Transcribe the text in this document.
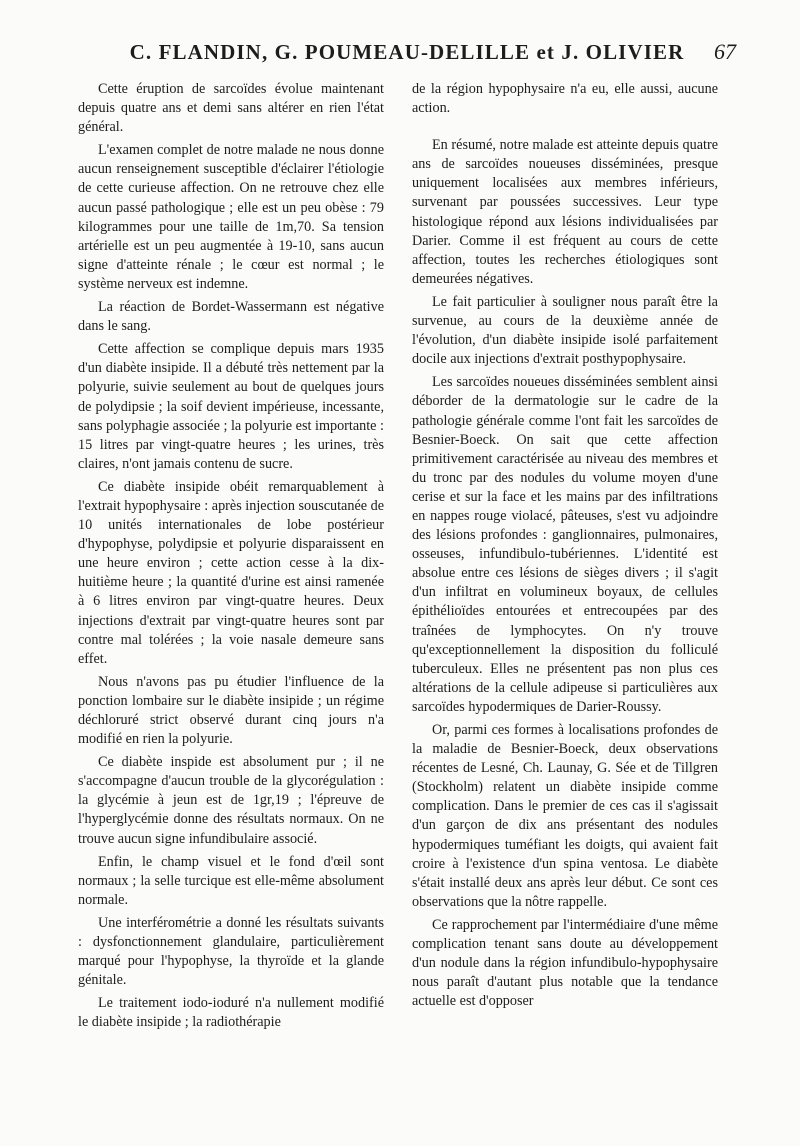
C. FLANDIN, G. POUMEAU-DELILLE et J. OLIVIER	67

Cette éruption de sarcoïdes évolue maintenant depuis quatre ans et demi sans altérer en rien l'état général.

L'examen complet de notre malade ne nous donne aucun renseignement susceptible d'éclairer l'étiologie de cette curieuse affection. On ne retrouve chez elle aucun passé pathologique ; elle est un peu obèse : 79 kilogrammes pour une taille de 1m,70. Sa tension artérielle est un peu augmentée à 19-10, sans aucun signe d'atteinte rénale ; le cœur est normal ; le système nerveux est indemne.

La réaction de Bordet-Wassermann est négative dans le sang.

Cette affection se complique depuis mars 1935 d'un diabète insipide. Il a débuté très nettement par la polyurie, suivie seulement au bout de quelques jours de polydipsie ; la soif devient impérieuse, incessante, sans polyphagie associée ; la polyurie est importante : 15 litres par vingt-quatre heures ; les urines, très claires, n'ont jamais contenu de sucre.

Ce diabète insipide obéit remarquablement à l'extrait hypophysaire : après injection souscutanée de 10 unités internationales de lobe postérieur d'hypophyse, polydipsie et polyurie disparaissent en une heure environ ; cette action cesse à la dix-huitième heure ; la quantité d'urine est ainsi ramenée à 6 litres environ par vingt-quatre heures. Deux injections d'extrait par vingt-quatre heures sont par contre mal tolérées ; la voie nasale demeure sans effet.

Nous n'avons pas pu étudier l'influence de la ponction lombaire sur le diabète insipide ; un régime déchloruré strict observé durant cinq jours n'a modifié en rien la polyurie.

Ce diabète inspide est absolument pur ; il ne s'accompagne d'aucun trouble de la glycorégulation : la glycémie à jeun est de 1gr,19 ; l'épreuve de l'hyperglycémie donne des résultats normaux. On ne trouve aucun signe infundibulaire associé.

Enfin, le champ visuel et le fond d'œil sont normaux ; la selle turcique est elle-même absolument normale.

Une interférométrie a donné les résultats suivants : dysfonctionnement glandulaire, particulièrement marqué pour l'hypophyse, la thyroïde et la glande génitale.

Le traitement iodo-ioduré n'a nullement modifié le diabète insipide ; la radiothérapie

de la région hypophysaire n'a eu, elle aussi, aucune action.

En résumé, notre malade est atteinte depuis quatre ans de sarcoïdes noueuses disséminées, presque uniquement localisées aux membres inférieurs, survenant par poussées successives. Leur type histologique répond aux lésions individualisées par Darier. Comme il est fréquent au cours de cette affection, toutes les recherches étiologiques sont demeurées négatives.

Le fait particulier à souligner nous paraît être la survenue, au cours de la deuxième année de l'évolution, d'un diabète insipide isolé parfaitement docile aux injections d'extrait posthypophysaire.

Les sarcoïdes noueues disséminées semblent ainsi déborder de la dermatologie sur le cadre de la pathologie générale comme l'ont fait les sarcoïdes de Besnier-Boeck. On sait que cette affection primitivement caractérisée au niveau des membres et du tronc par des nodules du volume moyen d'une cerise et sur la face et les mains par des infiltrations en nappes rouge violacé, pâteuses, s'est vu adjoindre des lésions profondes : ganglionnaires, pulmonaires, osseuses, infundibulo-tubériennes. L'identité est absolue entre ces lésions de sièges divers ; il s'agit d'un infiltrat en volumineux boyaux, de cellules épithélioïdes entourées et entrecoupées par des traînées de lymphocytes. On n'y trouve qu'exceptionnellement la disposition du folliculé tuberculeux. Elles ne présentent pas non plus ces altérations de la cellule adipeuse si particulières aux sarcoïdes hypodermiques de Darier-Roussy.

Or, parmi ces formes à localisations profondes de la maladie de Besnier-Boeck, deux observations récentes de Lesné, Ch. Launay, G. Sée et de Tillgren (Stockholm) relatent un diabète insipide comme complication. Dans le premier de ces cas il s'agissait d'un garçon de dix ans présentant des nodules hypodermiques tuméfiant les doigts, qui avaient fait croire à l'existence d'un spina ventosa. Le diabète s'était installé deux ans après leur début. Ce sont ces observations que la nôtre rappelle.

Ce rapprochement par l'intermédiaire d'une même complication tenant sans doute au développement d'un nodule dans la région infundibulo-hypophysaire nous paraît d'autant plus notable que la tendance actuelle est d'opposer
